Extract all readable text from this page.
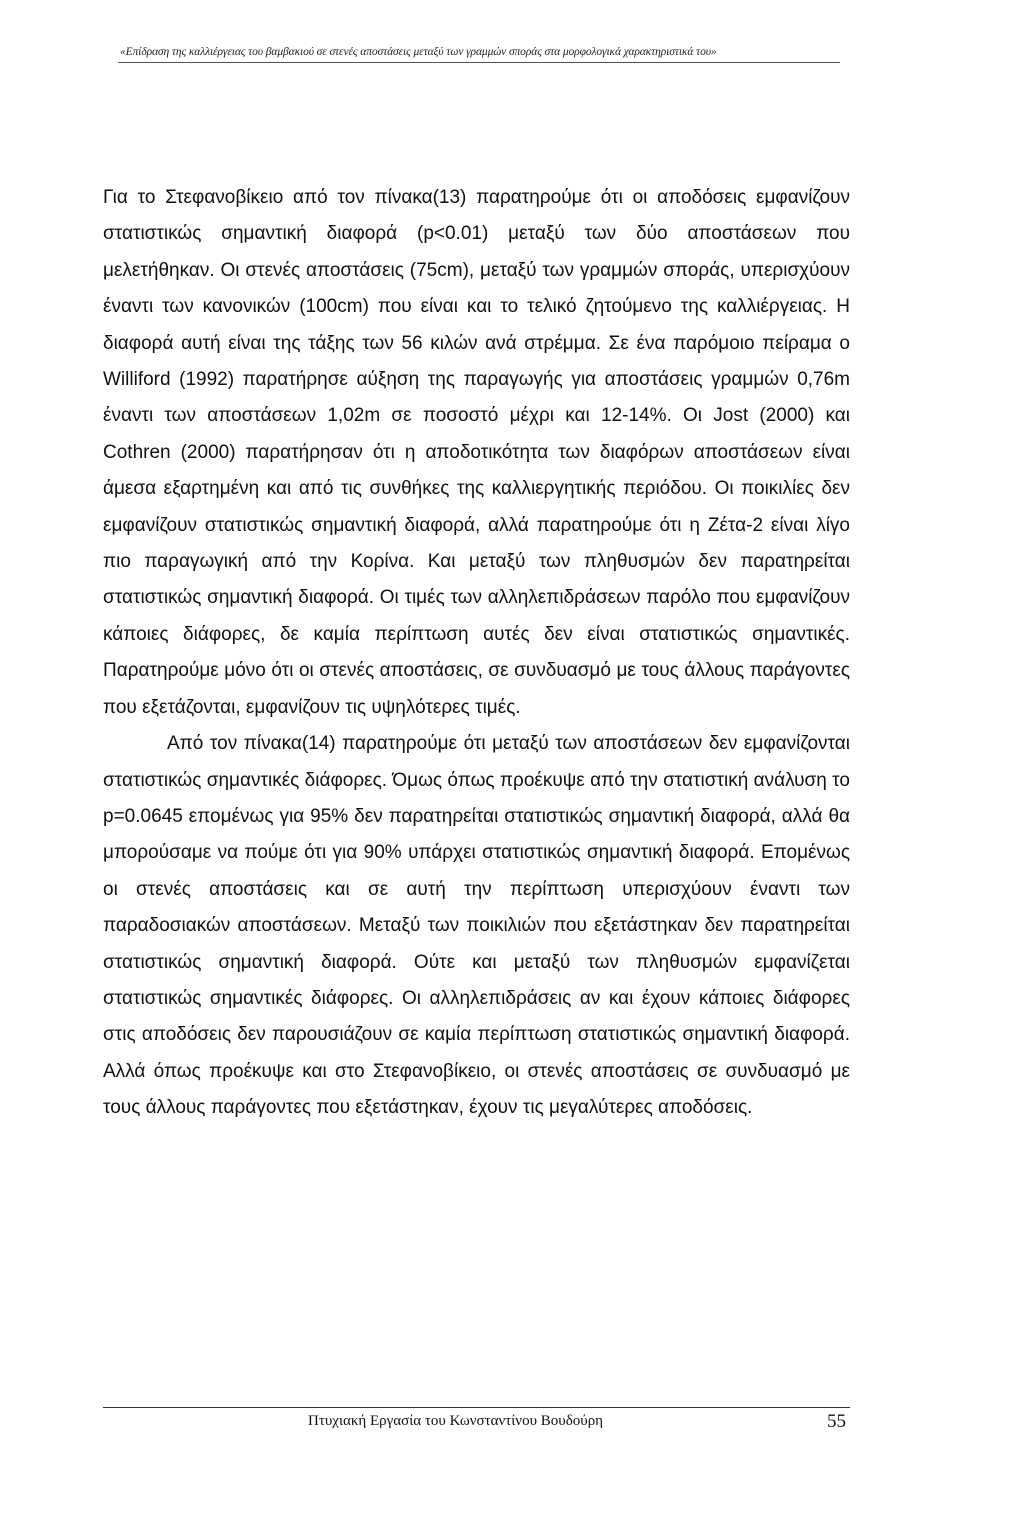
«Επίδραση της καλλιέργειας του βαμβακιού σε στενές αποστάσεις μεταξύ των γραμμών σποράς στα μορφολογικά χαρακτηριστικά του»

Για το Στεφανοβίκειο από τον πίνακα(13) παρατηρούμε ότι οι αποδόσεις εμφανίζουν στατιστικώς σημαντική διαφορά (p<0.01) μεταξύ των δύο αποστάσεων που μελετήθηκαν. Οι στενές αποστάσεις (75cm), μεταξύ των γραμμών σποράς, υπερισχύουν έναντι των κανονικών (100cm) που είναι και το τελικό ζητούμενο της καλλιέργειας. Η διαφορά αυτή είναι της τάξης των 56 κιλών ανά στρέμμα. Σε ένα παρόμοιο πείραμα ο Williford (1992) παρατήρησε αύξηση της παραγωγής για αποστάσεις γραμμών 0,76m έναντι των αποστάσεων 1,02m σε ποσοστό μέχρι και 12-14%. Οι Jost (2000) και Cothren (2000) παρατήρησαν ότι η αποδοτικότητα των διαφόρων αποστάσεων είναι άμεσα εξαρτημένη και από τις συνθήκες της καλλιεργητικής περιόδου. Οι ποικιλίες δεν εμφανίζουν στατιστικώς σημαντική διαφορά, αλλά παρατηρούμε ότι η Ζέτα-2 είναι λίγο πιο παραγωγική από την Κορίνα. Και μεταξύ των πληθυσμών δεν παρατηρείται στατιστικώς σημαντική διαφορά. Οι τιμές των αλληλεπιδράσεων παρόλο που εμφανίζουν κάποιες διάφορες, δε καμία περίπτωση αυτές δεν είναι στατιστικώς σημαντικές. Παρατηρούμε μόνο ότι οι στενές αποστάσεις, σε συνδυασμό με τους άλλους παράγοντες που εξετάζονται, εμφανίζουν τις υψηλότερες τιμές.

Από τον πίνακα(14) παρατηρούμε ότι μεταξύ των αποστάσεων δεν εμφανίζονται στατιστικώς σημαντικές διάφορες. Όμως όπως προέκυψε από την στατιστική ανάλυση το p=0.0645 επομένως για 95% δεν παρατηρείται στατιστικώς σημαντική διαφορά, αλλά θα μπορούσαμε να πούμε ότι για 90% υπάρχει στατιστικώς σημαντική διαφορά. Επομένως οι στενές αποστάσεις και σε αυτή την περίπτωση υπερισχύουν έναντι των παραδοσιακών αποστάσεων. Μεταξύ των ποικιλιών που εξετάστηκαν δεν παρατηρείται στατιστικώς σημαντική διαφορά. Ούτε και μεταξύ των πληθυσμών εμφανίζεται στατιστικώς σημαντικές διάφορες. Οι αλληλεπιδράσεις αν και έχουν κάποιες διάφορες στις αποδόσεις δεν παρουσιάζουν σε καμία περίπτωση στατιστικώς σημαντική διαφορά. Αλλά όπως προέκυψε και στο Στεφανοβίκειο, οι στενές αποστάσεις σε συνδυασμό με τους άλλους παράγοντες που εξετάστηκαν, έχουν τις μεγαλύτερες αποδόσεις.

Πτυχιακή Εργασία του Κωνσταντίνου Βουδούρη	55
